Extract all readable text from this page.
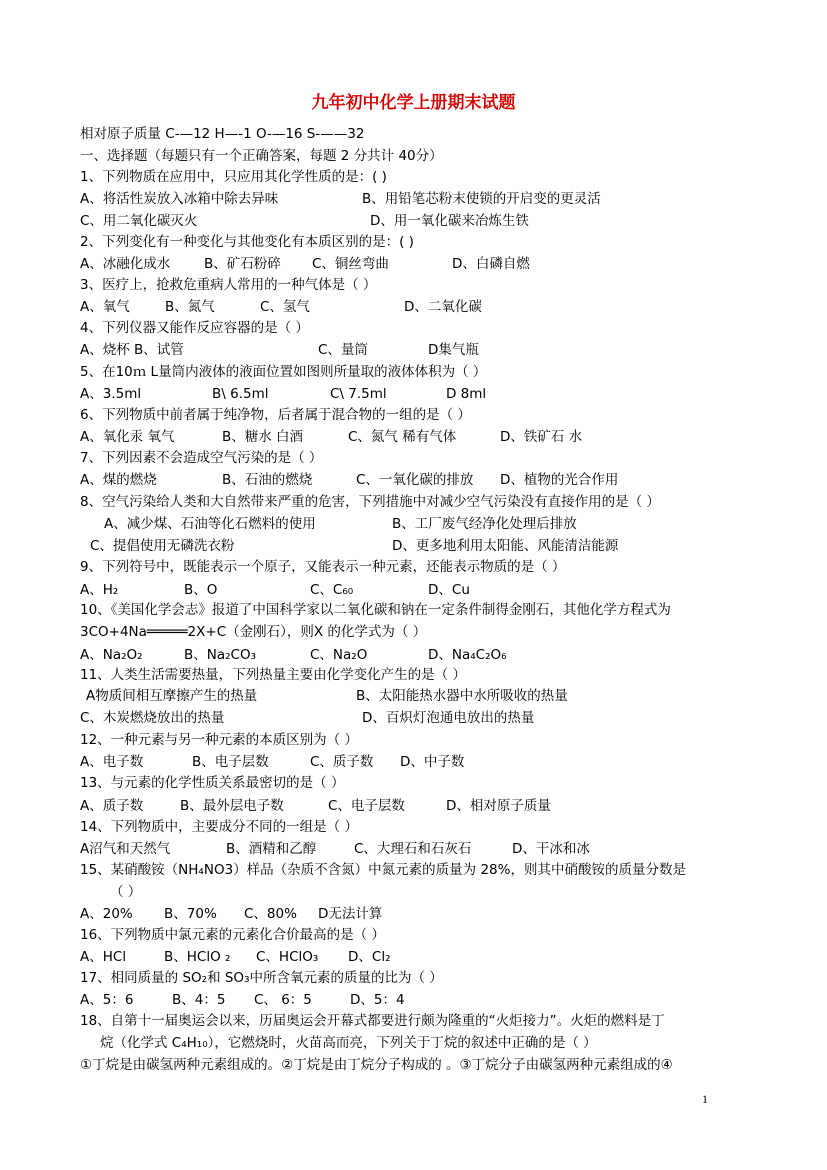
九年初中化学上册期末试题
相对原子质量 C-—12 H—-1 O-—16 S-——32
一、选择题（每题只有一个正确答案，每题 2 分共计 40分）
1、下列物质在应用中，只应用其化学性质的是：( )
A、将活性炭放入冰箱中除去异味	B、用铅笔芯粉末使锁的开启变的更灵活
C、用二氧化碳灭火	D、用一氧化碳来冶炼生铁
2、下列变化有一种变化与其他变化有本质区别的是：( )
A、冰融化成水	B、矿石粉碎 C、铜丝弯曲	D、白磷自燃
3、医疗上，抢救危重病人常用的一种气体是（ ）
A、氧气	B、氮气	C、氢气	D、二氧化碳
4、下列仪器又能作反应容器的是（ ）
A、烧杯 B、试管	C、量筒	D集气瓶
5、在10ｍ L量筒内液体的液面位置如图则所量取的液体体积为（ ）
A、3.5ml	B\ 6.5ml	C\ 7.5ml	D 8ml
6、下列物质中前者属于纯净物，后者属于混合物的一组的是（ ）
A、氧化汞 氧气	B、糖水 白酒	C、氮气 稀有气体	D、铁矿石 水
7、下列因素不会造成空气污染的是（ ）
A、煤的燃烧	B、石油的燃烧	C、一氧化碳的排放 D、植物的光合作用
8、空气污染给人类和大自然带来严重的危害，下列措施中对减少空气污染没有直接作用的是（ ）
A、减少煤、石油等化石燃料的使用	B、工厂废气经净化处理后排放
C、提倡使用无磷洗衣粉	D、更多地利用太阳能、风能清洁能源
9、下列符号中，既能表示一个原子，又能表示一种元素，还能表示物质的是（ ）
A、H₂	B、O	C、C₆₀	D、Cu
10、《美国化学会志》报道了中国科学家以二氧化碳和钠在一定条件制得金刚石，其他化学方程式为
3CO+4Na═════2X+C（金刚石），则X 的化学式为（ ）
A、Na₂O₂	B、Na₂CO₃	C、Na₂O	D、Na₄C₂O₆
11、人类生活需要热量，下列热量主要由化学变化产生的是（ ）
A物质间相互摩擦产生的热量	B、太阳能热水器中水所吸收的热量
C、木炭燃烧放出的热量	D、百炽灯泡通电放出的热量
12、一种元素与另一种元素的本质区别为（ ）
A、电子数	B、电子层数	C、质子数 D、中子数
13、与元素的化学性质关系最密切的是（ ）
A、质子数	B、最外层电子数	C、电子层数	D、相对原子质量
14、下列物质中，主要成分不同的一组是（ ）
A沼气和天然气	B、酒精和乙醇	C、大理石和石灰石	D、干冰和冰
15、某硝酸铵（NH₄NO3）样品（杂质不含氮）中氮元素的质量为 28%，则其中硝酸铵的质量分数是
（ ）
A、20% B、70% C、80% D无法计算
16、下列物质中氯元素的元素化合价最高的是（ ）
A、HCl	B、HClO ₂ C、HClO₃ D、Cl₂
17、相同质量的 SO₂和 SO₃中所含氧元素的质量的比为（ ）
A、5：6	B、4：5 C、 6：5	D、5：4
18、自第十一届奥运会以来，历届奥运会开幕式都要进行颇为隆重的“火炬接力”。火炬的燃料是丁
烷（化学式 C₄H₁₀），它燃烧时，火苗高而亮，下列关于丁烷的叙述中正确的是（ ）
①丁烷是由碳氢两种元素组成的。②丁烷是由丁烷分子构成的 。③丁烷分子由碳氢两种元素组成的④
1
